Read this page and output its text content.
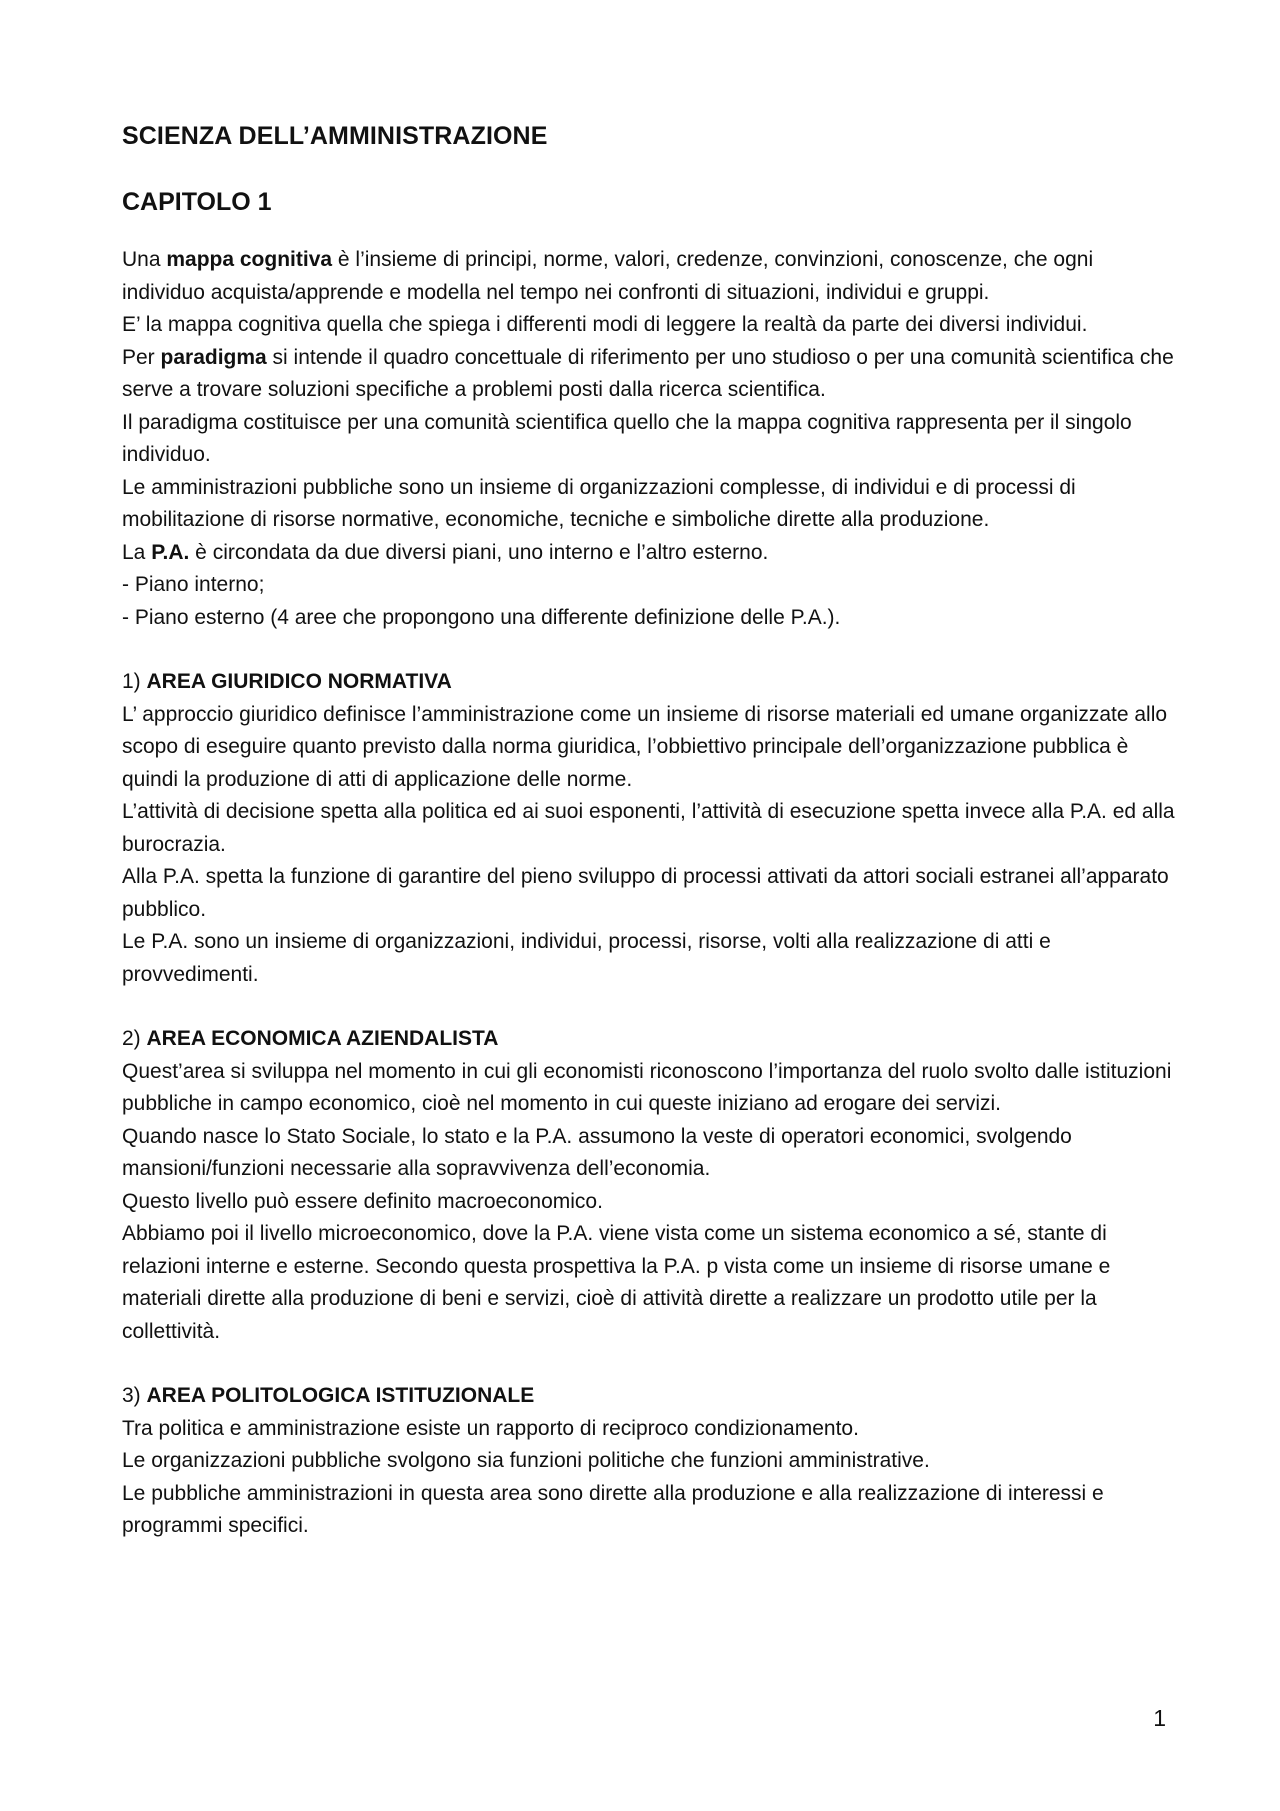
SCIENZA DELL’AMMINISTRAZIONE
CAPITOLO 1

Una mappa cognitiva è l’insieme di principi, norme, valori, credenze, convinzioni, conoscenze, che ogni individuo acquista/apprende e modella nel tempo nei confronti di situazioni, individui e gruppi.

E’ la mappa cognitiva quella che spiega i differenti modi di leggere la realtà da parte dei diversi individui.

Per paradigma si intende il quadro concettuale di riferimento per uno studioso o per una comunità scientifica che serve a trovare soluzioni specifiche a problemi posti dalla ricerca scientifica.

Il paradigma costituisce per una comunità scientifica quello che la mappa cognitiva rappresenta per il singolo individuo.

Le amministrazioni pubbliche sono un insieme di organizzazioni complesse, di individui e di processi di mobilitazione di risorse normative, economiche, tecniche e simboliche dirette alla produzione.

La P.A. è circondata da due diversi piani, uno interno e l’altro esterno.

- Piano interno;

- Piano esterno (4 aree che propongono una differente definizione delle P.A.).

1) AREA GIURIDICO NORMATIVA

L’ approccio giuridico definisce l’amministrazione come un insieme di risorse materiali ed umane organizzate allo scopo di eseguire quanto previsto dalla norma giuridica, l’obbiettivo principale dell’organizzazione pubblica è quindi la produzione di atti di applicazione delle norme.

L’attività di decisione spetta alla politica ed ai suoi esponenti, l’attività di esecuzione spetta invece alla P.A. ed alla burocrazia.

Alla P.A. spetta la funzione di garantire del pieno sviluppo di processi attivati da attori sociali estranei all’apparato pubblico.

Le P.A. sono un insieme di organizzazioni, individui, processi, risorse, volti alla realizzazione di atti e provvedimenti.

2) AREA ECONOMICA AZIENDALISTA

Quest’area si sviluppa nel momento in cui gli economisti riconoscono l’importanza del ruolo svolto dalle istituzioni pubbliche in campo economico, cioè nel momento in cui queste iniziano ad erogare dei servizi.

Quando nasce lo Stato Sociale, lo stato e la P.A. assumono la veste di operatori economici, svolgendo mansioni/funzioni necessarie alla sopravvivenza dell’economia.

Questo livello può essere definito macroeconomico.

Abbiamo poi il livello microeconomico, dove la P.A. viene vista come un sistema economico a sé, stante di relazioni interne e esterne. Secondo questa prospettiva la P.A. p vista come un insieme di risorse umane e materiali dirette alla produzione di beni e servizi, cioè di attività dirette a realizzare un prodotto utile per la collettività.

3) AREA POLITOLOGICA ISTITUZIONALE

Tra politica e amministrazione esiste un rapporto di reciproco condizionamento.

Le organizzazioni pubbliche svolgono sia funzioni politiche che funzioni amministrative.

Le pubbliche amministrazioni in questa area sono dirette alla produzione e alla realizzazione di interessi e programmi specifici.

1
